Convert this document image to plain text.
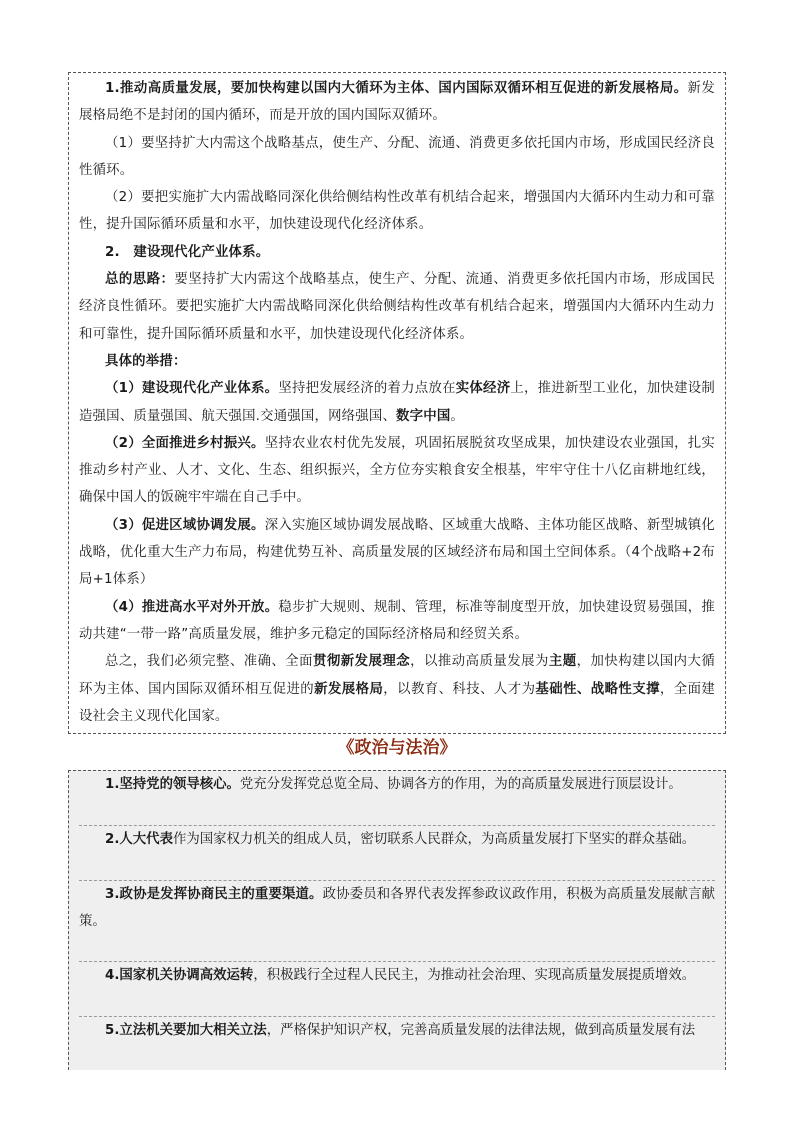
1.推动高质量发展，要加快构建以国内大循环为主体、国内国际双循环相互促进的新发展格局。新发展格局绝不是封闭的国内循环，而是开放的国内国际双循环。

（1）要坚持扩大内需这个战略基点，使生产、分配、流通、消费更多依托国内市场，形成国民经济良性循环。

（2）要把实施扩大内需战略同深化供给侧结构性改革有机结合起来，增强国内大循环内生动力和可靠性，提升国际循环质量和水平，加快建设现代化经济体系。

2.　建设现代化产业体系。

总的思路：要坚持扩大内需这个战略基点，使生产、分配、流通、消费更多依托国内市场，形成国民经济良性循环。要把实施扩大内需战略同深化供给侧结构性改革有机结合起来，增强国内大循环内生动力和可靠性，提升国际循环质量和水平，加快建设现代化经济体系。

具体的举措：

（1）建设现代化产业体系。坚持把发展经济的着力点放在实体经济上，推进新型工业化，加快建设制造强国、质量强国、航天强国.交通强国，网络强国、数字中国。

（2）全面推进乡村振兴。坚持农业农村优先发展，巩固拓展脱贫攻坚成果，加快建设农业强国，扎实推动乡村产业、人才、文化、生态、组织振兴，全方位夯实粮食安全根基，牢牢守住十八亿亩耕地红线，确保中国人的饭碗牢牢端在自己手中。

（3）促进区域协调发展。深入实施区域协调发展战略、区域重大战略、主体功能区战略、新型城镇化战略，优化重大生产力布局，构建优势互补、高质量发展的区域经济布局和国土空间体系。（4个战略+2布局+1体系）

（4）推进高水平对外开放。稳步扩大规则、规制、管理，标准等制度型开放，加快建设贸易强国，推动共建“一带一路”高质量发展，维护多元稳定的国际经济格局和经贸关系。

总之，我们必须完整、准确、全面贯彻新发展理念，以推动高质量发展为主题，加快构建以国内大循环为主体、国内国际双循环相互促进的新发展格局，以教育、科技、人才为基础性、战略性支撑，全面建设社会主义现代化国家。

《政治与法治》

1.坚持党的领导核心。党充分发挥党总览全局、协调各方的作用，为的高质量发展进行顶层设计。

2.人大代表作为国家权力机关的组成人员，密切联系人民群众，为高质量发展打下坚实的群众基础。

3.政协是发挥协商民主的重要渠道。政协委员和各界代表发挥参政议政作用，积极为高质量发展献言献策。

4.国家机关协调高效运转，积极践行全过程人民民主，为推动社会治理、实现高质量发展提质增效。

5.立法机关要加大相关立法，严格保护知识产权，完善高质量发展的法律法规，做到高质量发展有法
